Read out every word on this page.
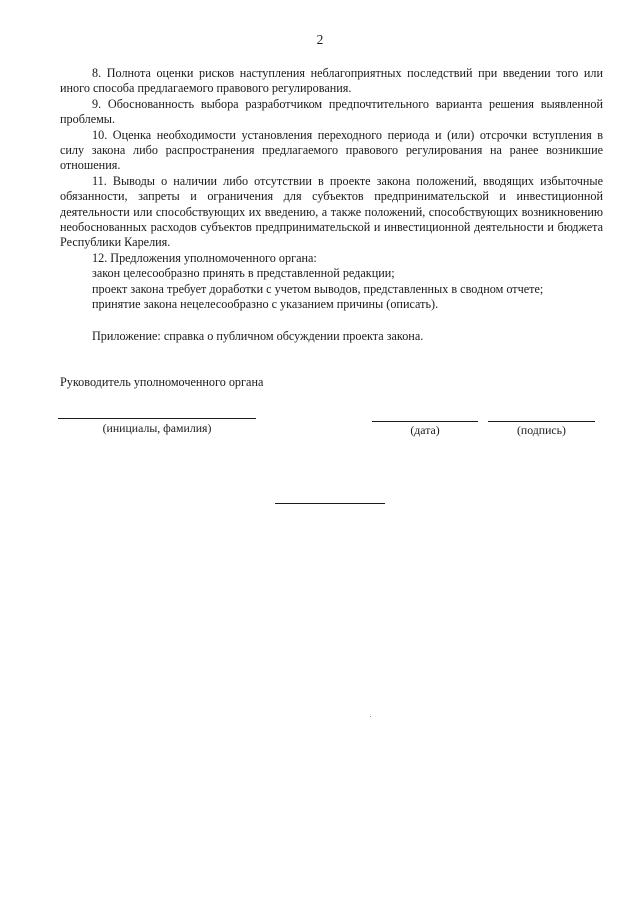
2

8. Полнота оценки рисков наступления неблагоприятных последствий при введении того или иного способа предлагаемого правового регулирования.

9. Обоснованность выбора разработчиком предпочтительного варианта решения выявленной проблемы.

10. Оценка необходимости установления переходного периода и (или) отсрочки вступления в силу закона либо распространения предлагаемого правового регулирования на ранее возникшие отношения.

11. Выводы о наличии либо отсутствии в проекте закона положений, вводящих избыточные обязанности, запреты и ограничения для субъектов предпринимательской и инвестиционной деятельности или способствующих их введению, а также положений, способствующих возникновению необоснованных расходов субъектов предпринимательской и инвестиционной деятельности и бюджета Республики Карелия.

12. Предложения уполномоченного органа:

закон целесообразно принять в представленной редакции;

проект закона требует доработки с учетом выводов, представленных в сводном отчете;

принятие закона нецелесообразно с указанием причины (описать).

Приложение: справка о публичном обсуждении проекта закона.

Руководитель уполномоченного органа
(инициалы, фамилия)	(дата)	(подпись)
